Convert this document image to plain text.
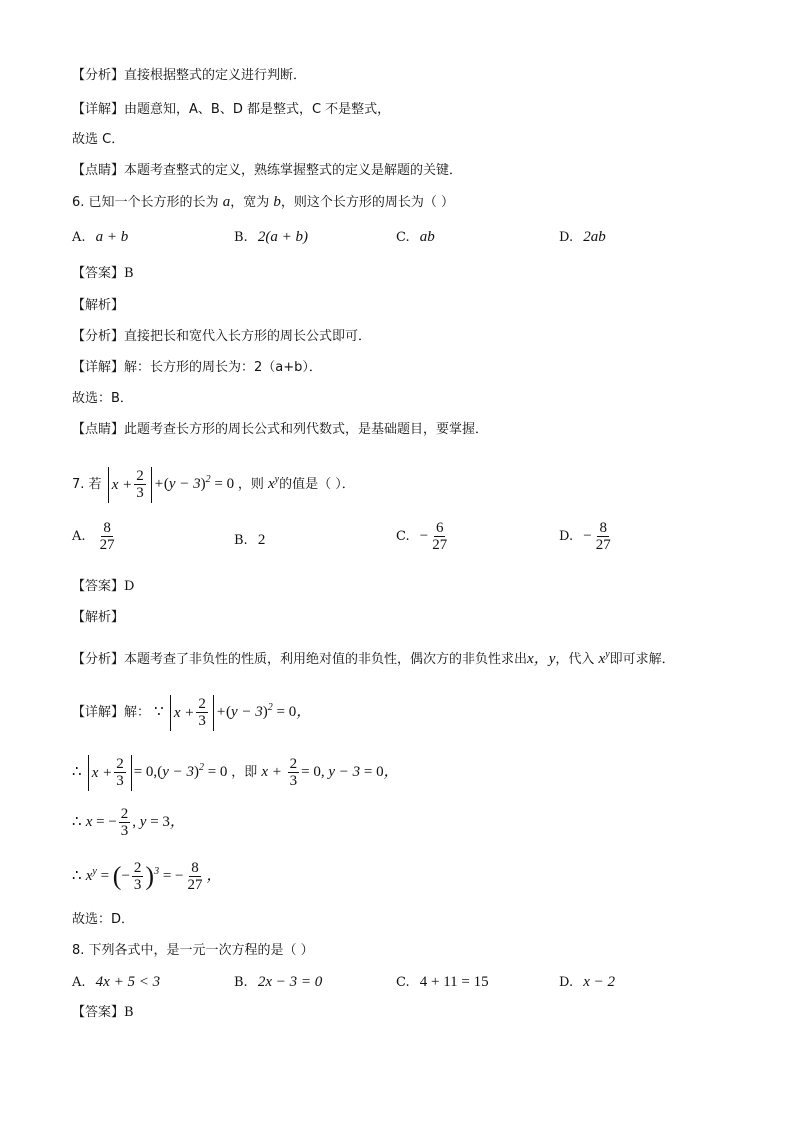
【分析】直接根据整式的定义进行判断．
【详解】由题意知，A、B、D 都是整式，C 不是整式，
故选 C．
【点睛】本题考查整式的定义，熟练掌握整式的定义是解题的关键．
6. 已知一个长方形的长为 a，宽为 b，则这个长方形的周长为（ ）
A. a + b	B. 2(a + b)	C. ab	D. 2ab
【答案】B
【解析】
【分析】直接把长和宽代入长方形的周长公式即可．
【详解】解：长方形的周长为：2（a+b）．
故选：B．
【点睛】此题考查长方形的周长公式和列代数式，是基础题目，要掌握．
7. 若 $x + \frac{2}{3} +(y - 3)^2 = 0$ ，则 $x^y$的值是（ ）．
A. $\frac{8}{27}$	B. 2	C. − $\frac{6}{27}$	D. − $\frac{8}{27}$
【答案】D
【解析】
【分析】本题考查了非负性的性质，利用绝对值的非负性，偶次方的非负性求出x，y，代入 $x^y$即可求解．
【详解】解： ∵ $x + \frac{2}{3} +(y - 3)^2 = 0$，
∴ $x + \frac{2}{3} = 0,(y - 3)^2 = 0$ ，即 $x + \frac{2}{3} = 0$, y − 3 = 0，
∴ x = − $\frac{2}{3}$ , y = 3，
∴ $x^y$ = (− $\frac{2}{3} )^3$ = − $\frac{8}{27}$ ，
故选：D．
8. 下列各式中，是一元一次方程的是（ ）
A. 4x + 5 < 3	B. 2x − 3 = 0	C. 4 + 11 = 15	D. x − 2
【答案】B
